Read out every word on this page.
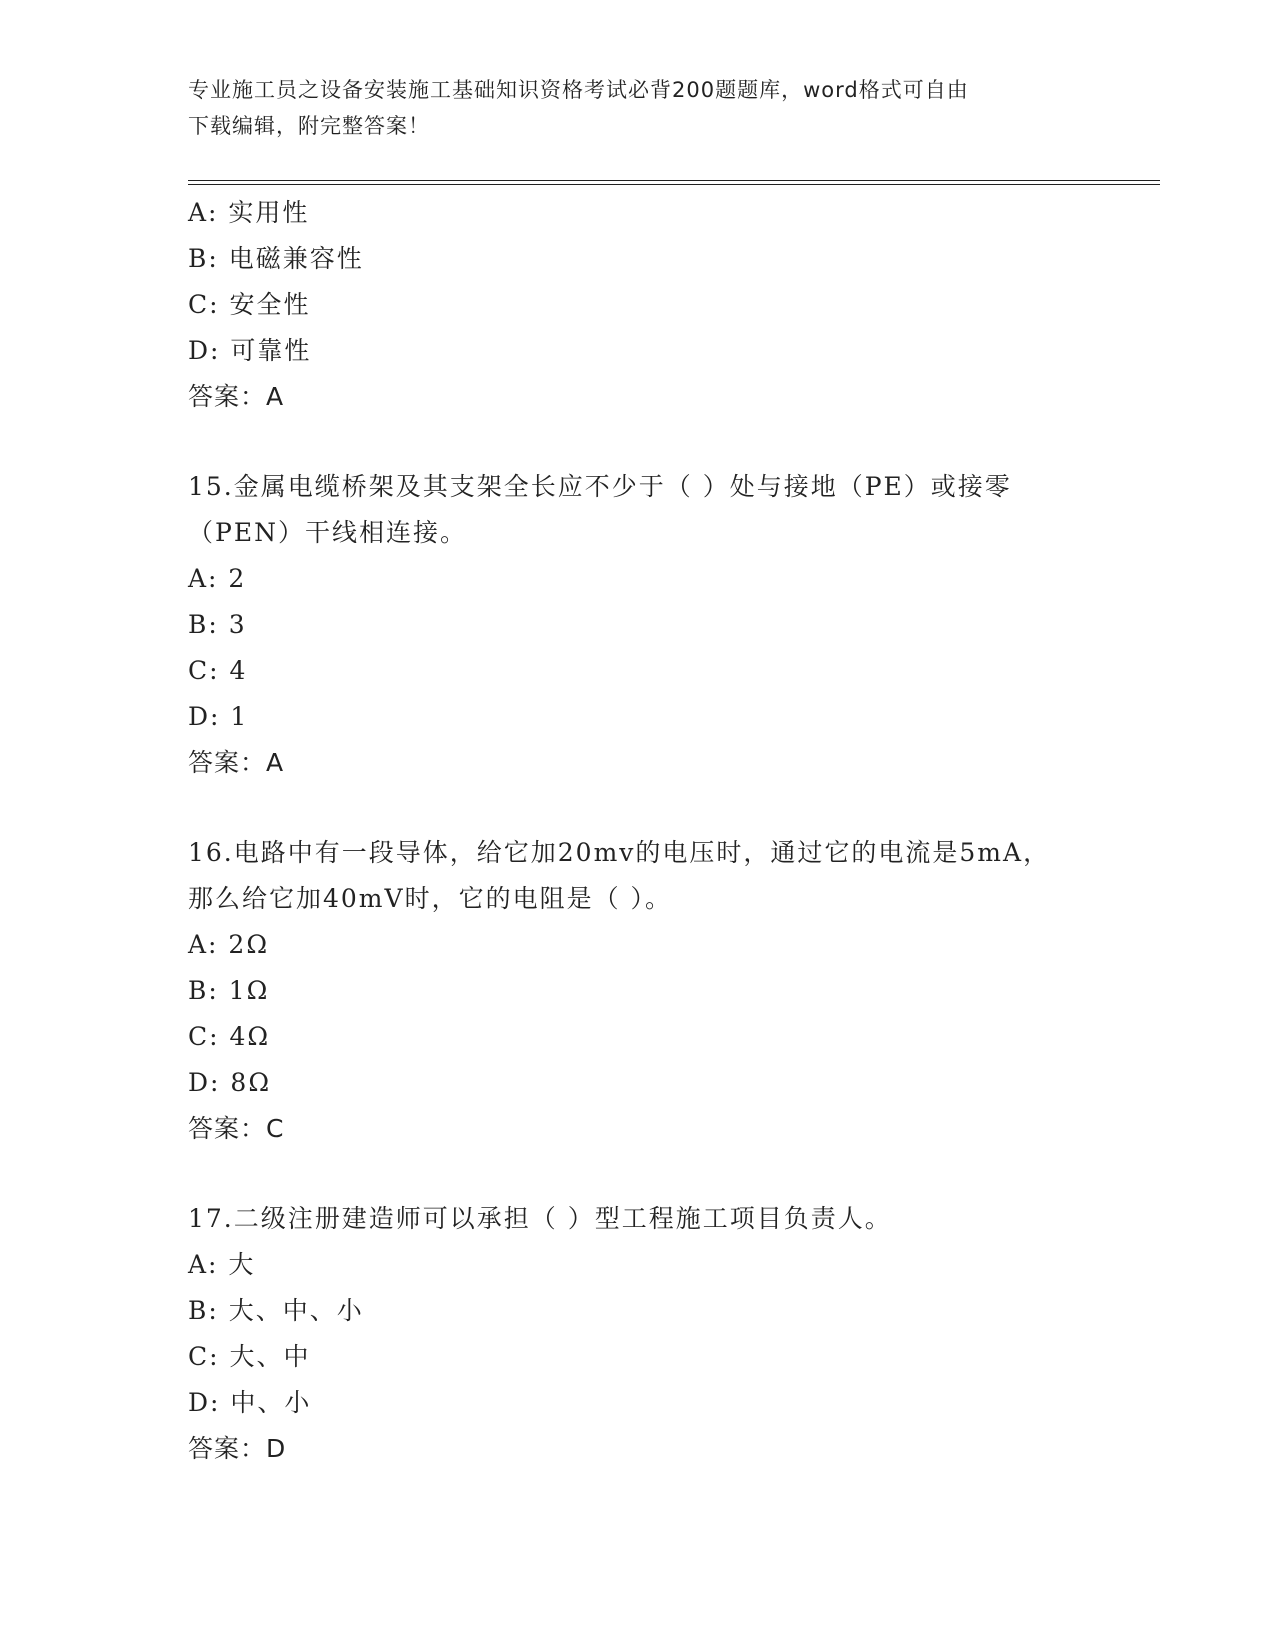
专业施工员之设备安装施工基础知识资格考试必背200题题库，word格式可自由
下载编辑，附完整答案！
A: 实用性
B: 电磁兼容性
C: 安全性
D: 可靠性
答案：A
15.金属电缆桥架及其支架全长应不少于（ ）处与接地（PE）或接零
（PEN）干线相连接。
A: 2
B: 3
C: 4
D: 1
答案：A
16.电路中有一段导体，给它加20mv的电压时，通过它的电流是5mA，
那么给它加40mV时，它的电阻是（ ）。
A: 2Ω
B: 1Ω
C: 4Ω
D: 8Ω
答案：C
17.二级注册建造师可以承担（ ）型工程施工项目负责人。
A: 大
B: 大、中、小
C: 大、中
D: 中、小
答案：D
